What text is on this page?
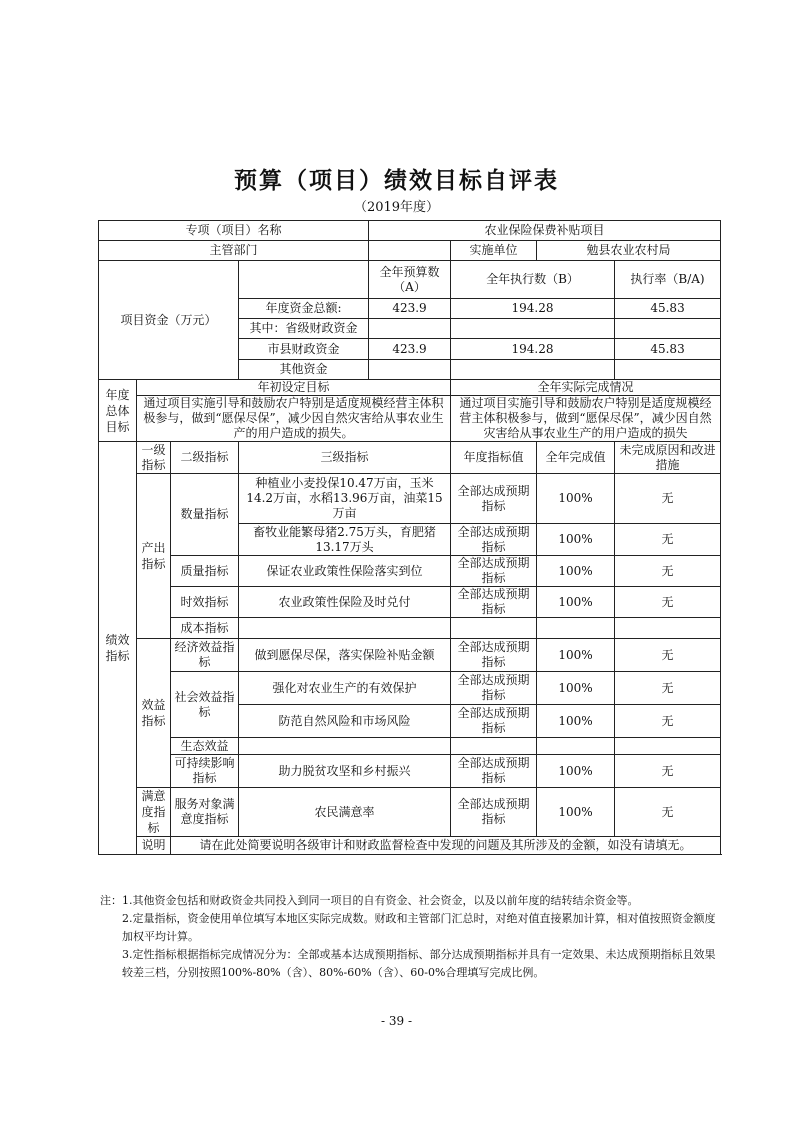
预算（项目）绩效目标自评表
（2019年度）
专项（项目）名称				农业保险保费补贴项目			
主管部门					实施单位	勉县农业农村局	
项目资金（万元）				全年预算数（A）	全年执行数（B）		执行率（B/A)
			年度资金总额:	423.9	194.28		45.83
			其中：省级财政资金				
			市县财政资金	423.9	194.28		45.83
			其他资金				
年度总体目标	年初设定目标				全年实际完成情况		
	通过项目实施引导和鼓励农户特别是适度规模经营主体积极参与，做到“愿保尽保”，减少因自然灾害给从事农业生产的用户造成的损失。				通过项目实施引导和鼓励农户特别是适度规模经营主体积极参与，做到“愿保尽保”，减少因自然灾害给从事农业生产的用户造成的损失		
绩效指标	一级指标	二级指标	三级指标		年度指标值	全年完成值	未完成原因和改进措施
	产出指标	数量指标	种植业小麦投保10.47万亩，玉米14.2万亩，水稻13.96万亩，油菜15万亩		全部达成预期指标	100%	无
			畜牧业能繁母猪2.75万头，育肥猪13.17万头		全部达成预期指标	100%	无
		质量指标	保证农业政策性保险落实到位		全部达成预期指标	100%	无
		时效指标	农业政策性保险及时兑付		全部达成预期指标	100%	无
		成本指标					
	效益指标	经济效益指标	做到愿保尽保，落实保险补贴金额		全部达成预期指标	100%	无
		社会效益指标	强化对农业生产的有效保护		全部达成预期指标	100%	无
			防范自然风险和市场风险		全部达成预期指标	100%	无
		生态效益					
		可持续影响指标	助力脱贫攻坚和乡村振兴		全部达成预期指标	100%	无
	满意度指标	服务对象满意度指标	农民满意率		全部达成预期指标	100%	无
	说明	请在此处简要说明各级审计和财政监督检查中发现的问题及其所涉及的金额，如没有请填无。					

注：1.其他资金包括和财政资金共同投入到同一项目的自有资金、社会资金，以及以前年度的结转结余资金等。

2.定量指标，资金使用单位填写本地区实际完成数。财政和主管部门汇总时，对绝对值直接累加计算，相对值按照资金额度加权平均计算。

3.定性指标根据指标完成情况分为：全部或基本达成预期指标、部分达成预期指标并具有一定效果、未达成预期指标且效果较差三档，分别按照100%-80%（含）、80%-60%（含）、60-0%合理填写完成比例。

- 39 -
